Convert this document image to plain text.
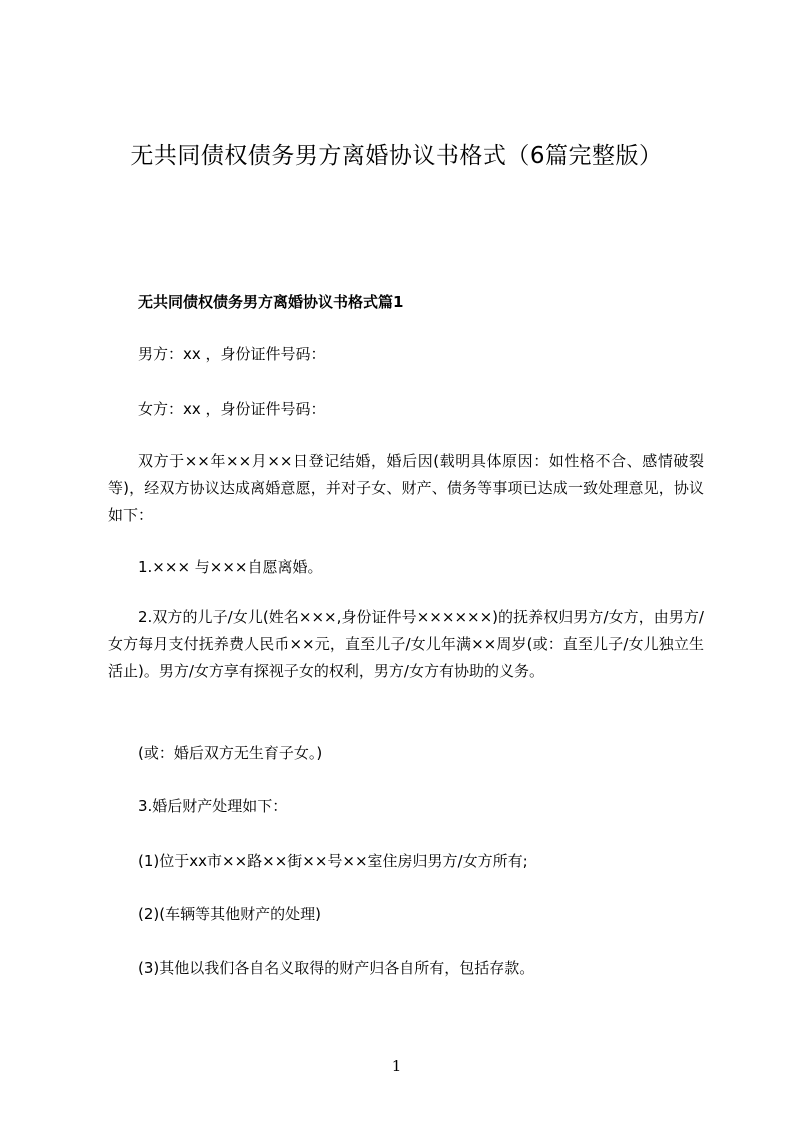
无共同债权债务男方离婚协议书格式（6篇完整版）
无共同债权债务男方离婚协议书格式篇1
男方：xx ，身份证件号码：
女方：xx ，身份证件号码：
双方于××年××月××日登记结婚，婚后因(载明具体原因：如性格不合、感情破裂等)，经双方协议达成离婚意愿，并对子女、财产、债务等事项已达成一致处理意见，协议如下：
1.××× 与×××自愿离婚。
2.双方的儿子/女儿(姓名×××,身份证件号××××××)的抚养权归男方/女方，由男方/女方每月支付抚养费人民币××元，直至儿子/女儿年满××周岁(或：直至儿子/女儿独立生活止)。男方/女方享有探视子女的权利，男方/女方有协助的义务。
(或：婚后双方无生育子女。)
3.婚后财产处理如下：
(1)位于xx市××路××街××号××室住房归男方/女方所有;
(2)(车辆等其他财产的处理)
(3)其他以我们各自名义取得的财产归各自所有，包括存款。
1
